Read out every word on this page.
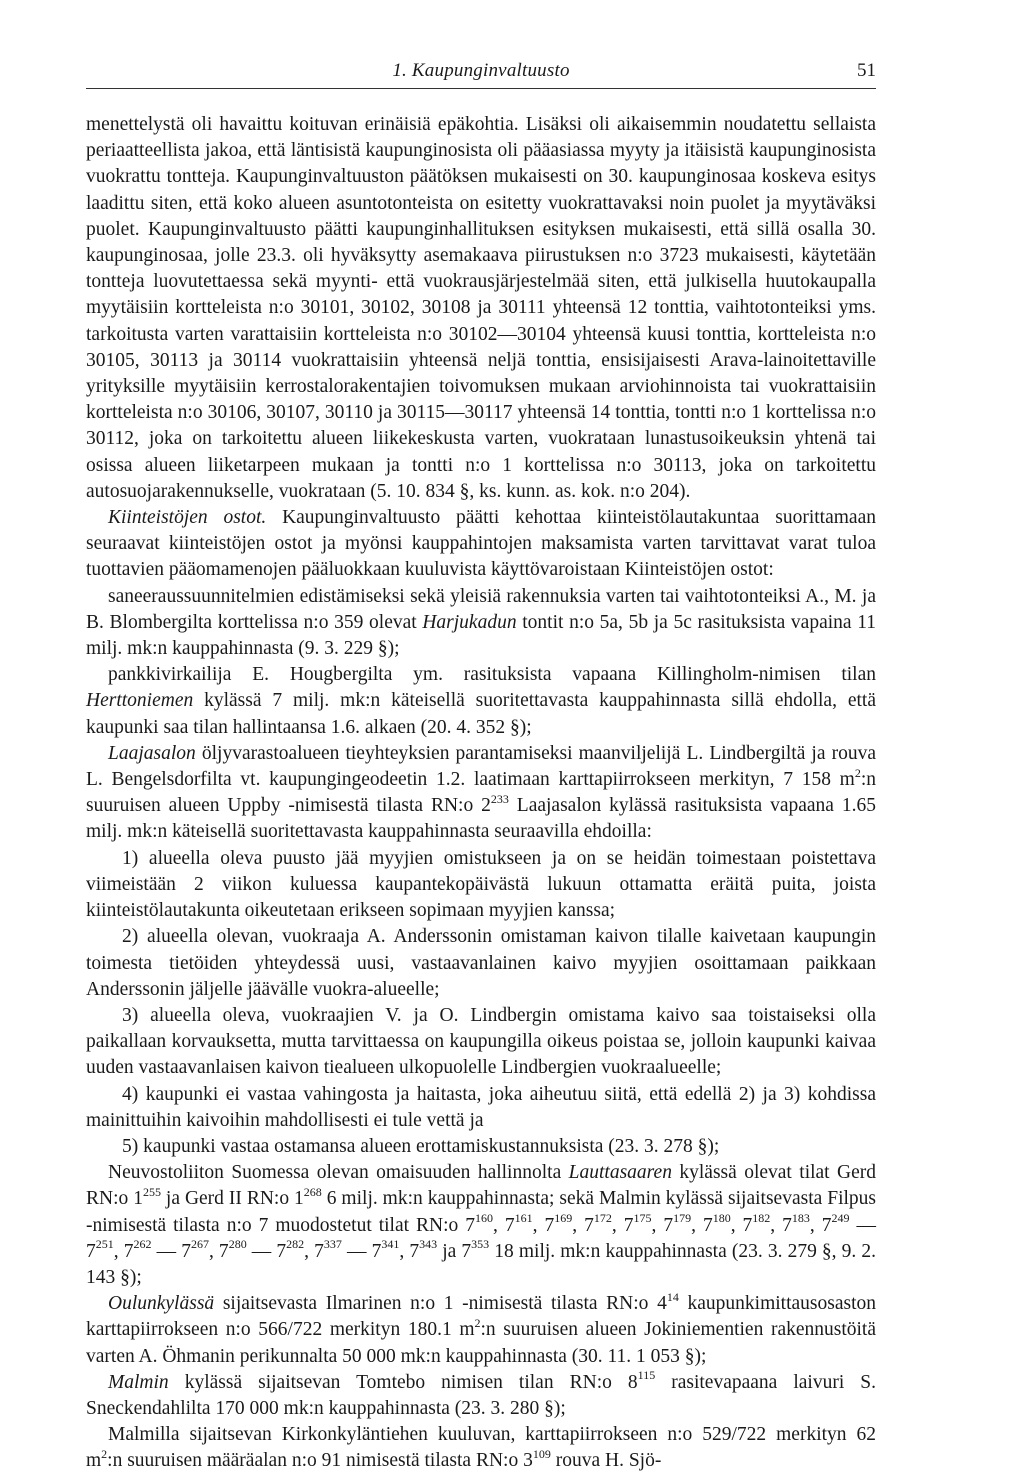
1. Kaupunginvaltuusto	51

menettelystä oli havaittu koituvan erinäisiä epäkohtia. Lisäksi oli aikaisemmin noudatettu sellaista periaatteellista jakoa, että läntisistä kaupunginosista oli pääasiassa myyty ja itäisistä kaupunginosista vuokrattu tontteja. Kaupunginvaltuuston päätöksen mukaisesti on 30. kaupunginosaa koskeva esitys laadittu siten, että koko alueen asuntotonteista on esitetty vuokrattavaksi noin puolet ja myytäväksi puolet. Kaupunginvaltuusto päätti kaupunginhallituksen esityksen mukaisesti, että sillä osalla 30. kaupunginosaa, jolle 23.3. oli hyväksytty asemakaava piirustuksen n:o 3723 mukaisesti, käytetään tontteja luovutettaessa sekä myynti- että vuokrausjärjestelmää siten, että julkisella huutokaupalla myytäisiin kortteleista n:o 30101, 30102, 30108 ja 30111 yhteensä 12 tonttia, vaihtotonteiksi yms. tarkoitusta varten varattaisiin kortteleista n:o 30102—30104 yhteensä kuusi tonttia, kortteleista n:o 30105, 30113 ja 30114 vuokrattaisiin yhteensä neljä tonttia, ensisijaisesti Arava-lainoitettaville yrityksille myytäisiin kerrostalorakentajien toivomuksen mukaan arviohinnoista tai vuokrattaisiin kortteleista n:o 30106, 30107, 30110 ja 30115—30117 yhteensä 14 tonttia, tontti n:o 1 korttelissa n:o 30112, joka on tarkoitettu alueen liikekeskusta varten, vuokrataan lunastusoikeuksin yhtenä tai osissa alueen liiketarpeen mukaan ja tontti n:o 1 korttelissa n:o 30113, joka on tarkoitettu autosuojarakennukselle, vuokrataan (5. 10. 834 §, ks. kunn. as. kok. n:o 204).

Kiinteistöjen ostot. Kaupunginvaltuusto päätti kehottaa kiinteistölautakuntaa suorittamaan seuraavat kiinteistöjen ostot ja myönsi kauppahintojen maksamista varten tarvittavat varat tuloa tuottavien pääomamenojen pääluokkaan kuuluvista käyttövaroistaan Kiinteistöjen ostot:

saneeraussuunnitelmien edistämiseksi sekä yleisiä rakennuksia varten tai vaihtotonteiksi A., M. ja B. Blombergilta korttelissa n:o 359 olevat Harjukadun tontit n:o 5a, 5b ja 5c rasituksista vapaina 11 milj. mk:n kauppahinnasta (9. 3. 229 §);

pankkivirkailija E. Hougbergilta ym. rasituksista vapaana Killingholm-nimisen tilan Herttoniemen kylässä 7 milj. mk:n käteisellä suoritettavasta kauppahinnasta sillä ehdolla, että kaupunki saa tilan hallintaansa 1.6. alkaen (20. 4. 352 §);

Laajasalon öljyvarastoalueen tieyhteyksien parantamiseksi maanviljelijä L. Lindbergiltä ja rouva L. Bengelsdorfilta vt. kaupungingeodeetin 1.2. laatimaan karttapiirrokseen merkityn, 7 158 $m^2:n$ suuruisen alueen Uppby -nimisestä tilasta RN:o $2^{233}$ Laajasalon kylässä rasituksista vapaana 1.65 milj. mk:n käteisellä suoritettavasta kauppahinnasta seuraavilla ehdoilla:

1) alueella oleva puusto jää myyjien omistukseen ja on se heidän toimestaan poistettava viimeistään 2 viikon kuluessa kaupantekopäivästä lukuun ottamatta eräitä puita, joista kiinteistölautakunta oikeutetaan erikseen sopimaan myyjien kanssa;

2) alueella olevan, vuokraaja A. Anderssonin omistaman kaivon tilalle kaivetaan kaupungin toimesta tietöiden yhteydessä uusi, vastaavanlainen kaivo myyjien osoittamaan paikkaan Anderssonin jäljelle jäävälle vuokra-alueelle;

3) alueella oleva, vuokraajien V. ja O. Lindbergin omistama kaivo saa toistaiseksi olla paikallaan korvauksetta, mutta tarvittaessa on kaupungilla oikeus poistaa se, jolloin kaupunki kaivaa uuden vastaavanlaisen kaivon tiealueen ulkopuolelle Lindbergien vuokraalueelle;

4) kaupunki ei vastaa vahingosta ja haitasta, joka aiheutuu siitä, että edellä 2) ja 3) kohdissa mainittuihin kaivoihin mahdollisesti ei tule vettä ja

5) kaupunki vastaa ostamansa alueen erottamiskustannuksista (23. 3. 278 §);

Neuvostoliiton Suomessa olevan omaisuuden hallinnolta Lauttasaaren kylässä olevat tilat Gerd RN:o $1^{255}$ ja Gerd II RN:o $1^{268}$ 6 milj. mk:n kauppahinnasta; sekä Malmin kylässä sijaitsevasta Filpus -nimisestä tilasta n:o 7 muodostetut tilat RN:o $7^{160}$, $7^{161}$, $7^{169}$, $7^{172}$, $7^{175}$, $7^{179}$, $7^{180}$, $7^{182}$, $7^{183}$, $7^{249}$ — $7^{251}$, $7^{262}$ — $7^{267}$, $7^{280}$ — $7^{282}$, $7^{337}$ — $7^{341}$, $7^{343}$ ja $7^{353}$ 18 milj. mk:n kauppahinnasta (23. 3. 279 §, 9. 2. 143 §);

Oulunkylässä sijaitsevasta Ilmarinen n:o 1 -nimisestä tilasta RN:o $4^{14}$ kaupunkimittausosaston karttapiirrokseen n:o 566/722 merkityn 180.1 $m^2:n$ suuruisen alueen Jokiniementien rakennustöitä varten A. Öhmanin perikunnalta 50 000 mk:n kauppahinnasta (30. 11. 1 053 §);

Malmin kylässä sijaitsevan Tomtebo nimisen tilan RN:o $8^{115}$ rasitevapaana laivuri S. Sneckendahlilta 170 000 mk:n kauppahinnasta (23. 3. 280 §);

Malmilla sijaitsevan Kirkonkyläntiehen kuuluvan, karttapiirrokseen n:o 529/722 merkityn 62 $m^2:n$ suuruisen määräalan n:o 91 nimisestä tilasta RN:o $3^{109}$ rouva H. Sjö-
